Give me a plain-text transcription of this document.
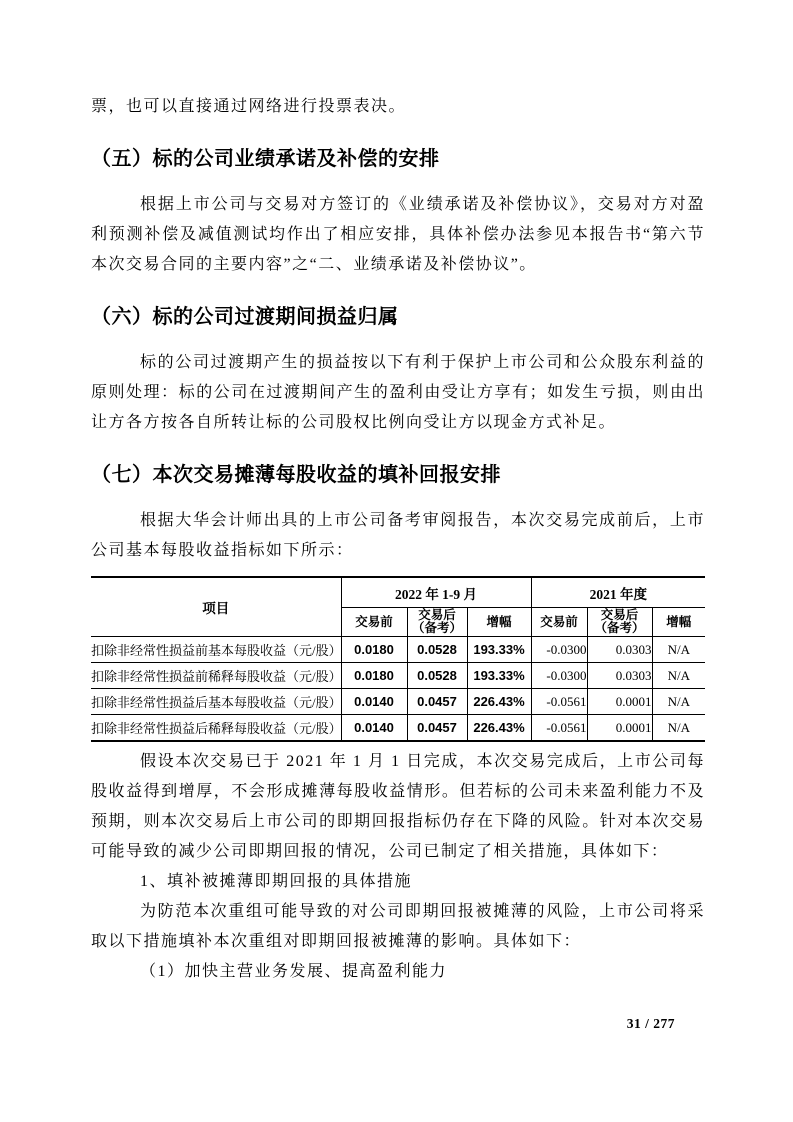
票，也可以直接通过网络进行投票表决。

（五）标的公司业绩承诺及补偿的安排

根据上市公司与交易对方签订的《业绩承诺及补偿协议》，交易对方对盈利预测补偿及减值测试均作出了相应安排，具体补偿办法参见本报告书“第六节 本次交易合同的主要内容”之“二、业绩承诺及补偿协议”。

（六）标的公司过渡期间损益归属

标的公司过渡期产生的损益按以下有利于保护上市公司和公众股东利益的原则处理：标的公司在过渡期间产生的盈利由受让方享有；如发生亏损，则由出让方各方按各自所转让标的公司股权比例向受让方以现金方式补足。

（七）本次交易摊薄每股收益的填补回报安排

根据大华会计师出具的上市公司备考审阅报告，本次交易完成前后，上市公司基本每股收益指标如下所示：

项目	2022 年 1-9 月			2021 年度		
	交易前	交易后（备考）	增幅	交易前	交易后（备考）	增幅
扣除非经常性损益前基本每股收益（元/股）	0.0180	0.0528	193.33%	-0.0300	0.0303	N/A
扣除非经常性损益前稀释每股收益（元/股）	0.0180	0.0528	193.33%	-0.0300	0.0303	N/A
扣除非经常性损益后基本每股收益（元/股）	0.0140	0.0457	226.43%	-0.0561	0.0001	N/A
扣除非经常性损益后稀释每股收益（元/股）	0.0140	0.0457	226.43%	-0.0561	0.0001	N/A

假设本次交易已于 2021 年 1 月 1 日完成，本次交易完成后，上市公司每股收益得到增厚，不会形成摊薄每股收益情形。但若标的公司未来盈利能力不及预期，则本次交易后上市公司的即期回报指标仍存在下降的风险。针对本次交易可能导致的减少公司即期回报的情况，公司已制定了相关措施，具体如下：

1、填补被摊薄即期回报的具体措施

为防范本次重组可能导致的对公司即期回报被摊薄的风险，上市公司将采取以下措施填补本次重组对即期回报被摊薄的影响。具体如下：

（1）加快主营业务发展、提高盈利能力

31 / 277
